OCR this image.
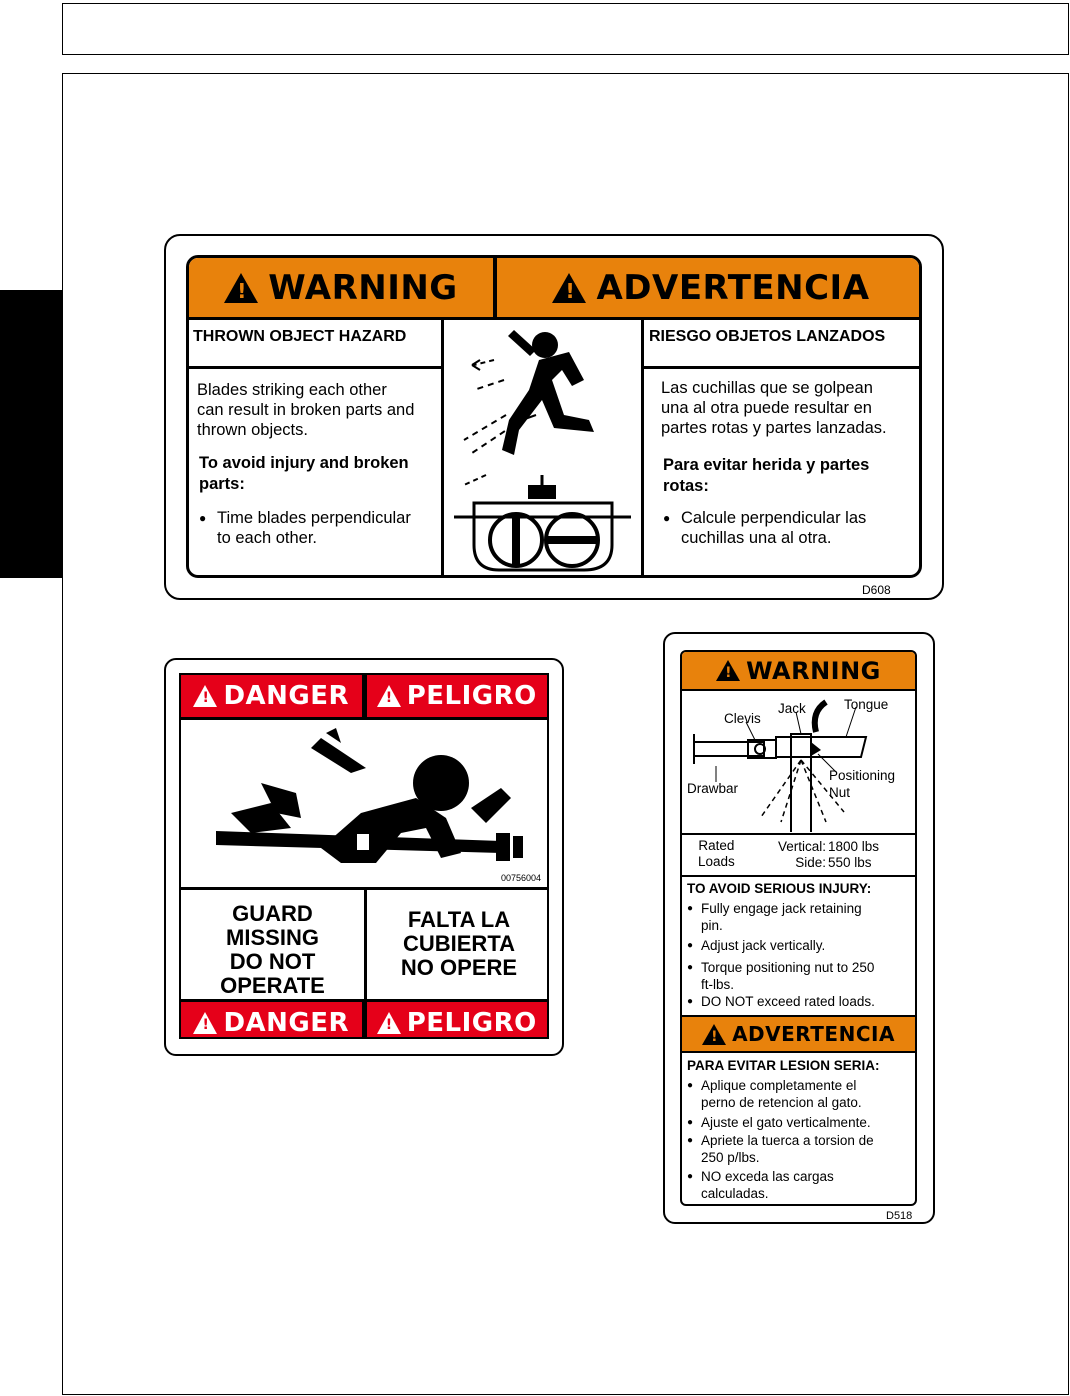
!
WARNING !	ADVERTENCIA
THROWN OBJECT HAZARD	RIESGO OBJETOS LANZADOS
Blades striking each other
can result in broken parts and
thrown objects.
To avoid injury and broken
parts:
● Time blades perpendicular
to each other.
Las cuchillas que se golpean
una al otra puede resultar en
partes rotas y partes lanzadas.
Para evitar herida y partes
rotas:
● Calcule perpendicular las
cuchillas una al otra.
D608
!
DANGER ! PELIGRO
00756004
GUARD
MISSING
DO NOT
OPERATE
FALTA LA
CUBIERTA
NO OPERE
!
DANGER ! PELIGRO
!
WARNING
Clevis
Jack	Tongue
Drawbar
Positioning
Nut
Rated
Loads
Vertical: 1800 lbs
Side: 550 lbs
TO AVOID SERIOUS INJURY:
● Fully engage jack retaining
pin.
● Adjust jack vertically.
● Torque positioning nut to 250
ft-lbs.
● DO NOT exceed rated loads.
!
ADVERTENCIA
PARA EVITAR LESION SERIA:
● Aplique completamente el
perno de retencion al gato.
● Ajuste el gato verticalmente.
● Apriete la tuerca a torsion de
250 p/lbs.
● NO exceda las cargas
calculadas.
D518
